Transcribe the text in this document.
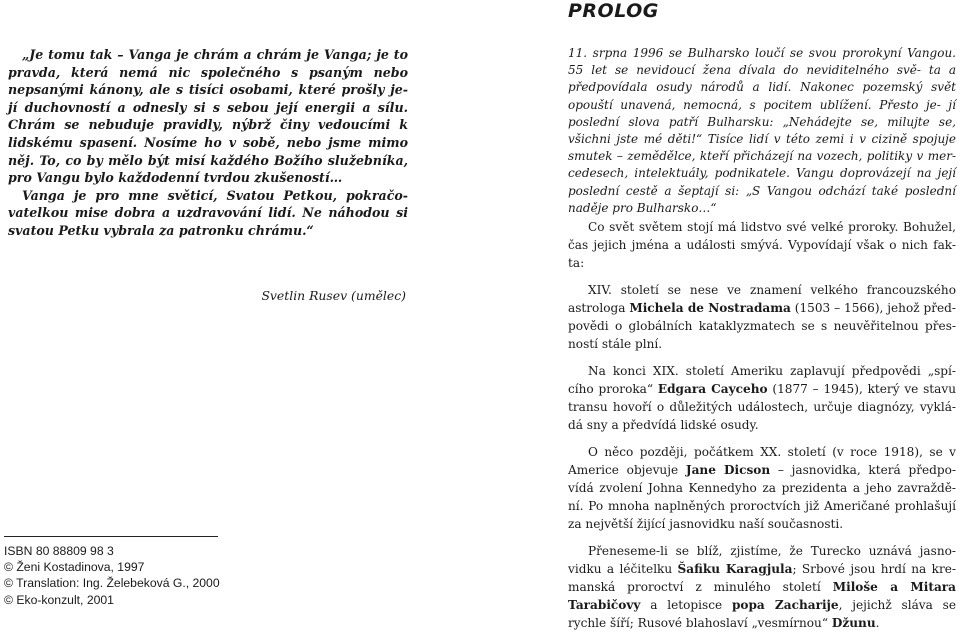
„Je tomu tak – Vanga je chrám a chrám je Vanga; je to pravda, která nemá nic společného s psaným nebo nepsanými kánony, ale s tisíci osobami, které prošly je- jí duchovností a odnesly si s sebou její energii a sílu. Chrám se nebuduje pravidly, nýbrž činy vedoucími k lidskému spasení. Nosíme ho v sobě, nebo jsme mimo něj. To, co by mělo být misí každého Božího služebníka, pro Vangu bylo každodenní tvrdou zkušeností…

Vanga je pro mne světicí, Svatou Petkou, pokračo- vatelkou mise dobra a uzdravování lidí. Ne náhodou si svatou Petku vybrala za patronku chrámu.“

Svetlin Rusev (umělec)
ISBN 80 88809 98 3
© Ženi Kostadinova, 1997
© Translation: Ing. Želebeková G., 2000
© Eko-konzult, 2001
PROLOG

11. srpna 1996 se Bulharsko loučí se svou prorokyní Vangou. 55 let se nevidoucí žena dívala do neviditelného svě- ta a předpovídala osudy národů a lidí. Nakonec pozemský svět opouští unavená, nemocná, s pocitem ublížení. Přesto je- jí poslední slova patří Bulharsku: „Nehádejte se, milujte se, všichni jste mé děti!“ Tisíce lidí v této zemi i v cizině spojuje smutek – zemědělce, kteří přicházejí na vozech, politiky v mer- cedesech, intelektuály, podnikatele. Vangu doprovázejí na její poslední cestě a šeptají si: „S Vangou odchází také poslední naděje pro Bulharsko…“

Co svět světem stojí má lidstvo své velké proroky. Bohužel, čas jejich jména a události smývá. Vypovídají však o nich fak- ta:

XIV. století se nese ve znamení velkého francouzského astrologa Michela de Nostradama (1503 – 1566), jehož před- povědi o globálních kataklyzmatech se s neuvěřitelnou přes- ností stále plní.

Na konci XIX. století Ameriku zaplavují předpovědi „spí- cího proroka“ Edgara Cayceho (1877 – 1945), který ve stavu transu hovoří o důležitých událostech, určuje diagnózy, vyklá- dá sny a předvídá lidské osudy.

O něco později, počátkem XX. století (v roce 1918), se v Americe objevuje Jane Dicson – jasnovidka, která předpo- vídá zvolení Johna Kennedyho za prezidenta a jeho zavraždě- ní. Po mnoha naplněných proroctvích již Američané prohlašují za největší žijící jasnovidku naší současnosti.

Přeneseme-li se blíž, zjistíme, že Turecko uznává jasno- vidku a léčitelku Šafiku Karagjula; Srbové jsou hrdí na kre- manská proroctví z minulého století Miloše a Mitara Tarabičovy a letopisce popa Zacharije, jejichž sláva se rychle šíří; Rusové blahoslaví „vesmírnou“ Džunu.
